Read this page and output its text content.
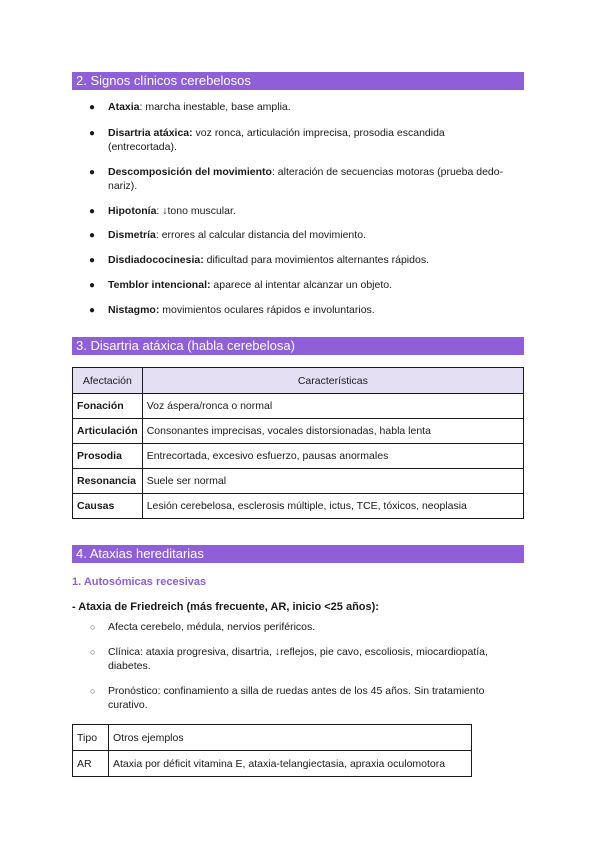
2. Signos clínicos cerebelosos
● Ataxia: marcha inestable, base amplia.
● Disartria atáxica: voz ronca, articulación imprecisa, prosodia escandida (entrecortada).
● Descomposición del movimiento: alteración de secuencias motoras (prueba dedo-nariz).
● Hipotonía: ↓tono muscular.
● Dismetría: errores al calcular distancia del movimiento.
● Disdiadococinesia: dificultad para movimientos alternantes rápidos.
● Temblor intencional: aparece al intentar alcanzar un objeto.
● Nistagmo: movimientos oculares rápidos e involuntarios.
3. Disartria atáxica (habla cerebelosa)
Afectación	Características
Fonación	Voz áspera/ronca o normal
Articulación	Consonantes imprecisas, vocales distorsionadas, habla lenta
Prosodia	Entrecortada, excesivo esfuerzo, pausas anormales
Resonancia	Suele ser normal
Causas	Lesión cerebelosa, esclerosis múltiple, ictus, TCE, tóxicos, neoplasia
4. Ataxias hereditarias
1. Autosómicas recesivas
- Ataxia de Friedreich (más frecuente, AR, inicio <25 años):
○ Afecta cerebelo, médula, nervios periféricos.
○ Clínica: ataxia progresiva, disartria, ↓reflejos, pie cavo, escoliosis, miocardiopatía, diabetes.
○ Pronóstico: confinamiento a silla de ruedas antes de los 45 años. Sin tratamiento curativo.
Tipo	Otros ejemplos
AR	Ataxia por déficit vitamina E, ataxia-telangiectasia, apraxia oculomotora
